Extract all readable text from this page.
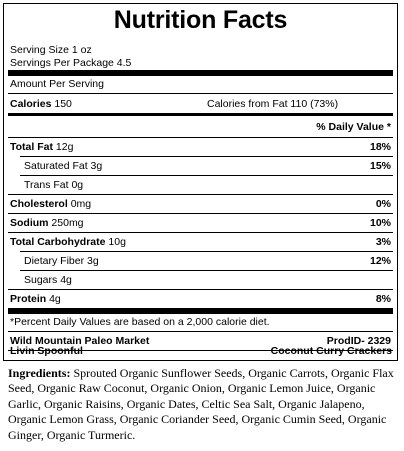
Nutrition Facts
Serving Size 1 oz
Servings Per Package 4.5
Amount Per Serving
Calories 150	Calories from Fat 110 (73%)
% Daily Value *
Total Fat 12g	18%
Saturated Fat 3g	15%
Trans Fat 0g
Cholesterol 0mg	0%
Sodium 250mg	10%
Total Carbohydrate 10g	3%
Dietary Fiber 3g	12%
Sugars 4g
Protein 4g	8%
*Percent Daily Values are based on a 2,000 calorie diet.
Wild Mountain Paleo Market	ProdID- 2329
Livin Spoonful	Coconut Curry Crackers
Ingredients: Sprouted Organic Sunflower Seeds, Organic Carrots, Organic Flax Seed, Organic Raw Coconut, Organic Onion, Organic Lemon Juice, Organic Garlic, Organic Raisins, Organic Dates, Celtic Sea Salt, Organic Jalapeno, Organic Lemon Grass, Organic Coriander Seed, Organic Cumin Seed, Organic Ginger, Organic Turmeric.
